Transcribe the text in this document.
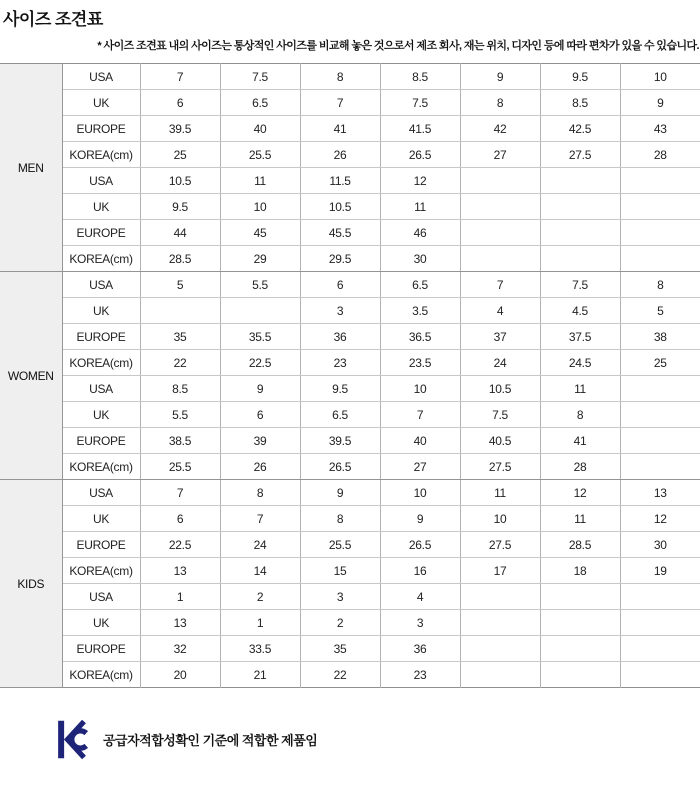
사이즈 조견표

* 사이즈 조견표 내의 사이즈는 통상적인 사이즈를 비교해 놓은 것으로서 제조 회사, 재는 위치, 디자인 등에 따라 편차가 있을 수 있습니다.

MEN	USA	7	7.5	8	8.5	9	9.5	10
	UK	6	6.5	7	7.5	8	8.5	9
	EUROPE	39.5	40	41	41.5	42	42.5	43
	KOREA(cm)	25	25.5	26	26.5	27	27.5	28
	USA	10.5	11	11.5	12			
	UK	9.5	10	10.5	11			
	EUROPE	44	45	45.5	46			
	KOREA(cm)	28.5	29	29.5	30			
WOMEN	USA	5	5.5	6	6.5	7	7.5	8
	UK			3	3.5	4	4.5	5
	EUROPE	35	35.5	36	36.5	37	37.5	38
	KOREA(cm)	22	22.5	23	23.5	24	24.5	25
	USA	8.5	9	9.5	10	10.5	11	
	UK	5.5	6	6.5	7	7.5	8	
	EUROPE	38.5	39	39.5	40	40.5	41	
	KOREA(cm)	25.5	26	26.5	27	27.5	28	
KIDS	USA	7	8	9	10	11	12	13
	UK	6	7	8	9	10	11	12
	EUROPE	22.5	24	25.5	26.5	27.5	28.5	30
	KOREA(cm)	13	14	15	16	17	18	19
	USA	1	2	3	4			
	UK	13	1	2	3			
	EUROPE	32	33.5	35	36			
	KOREA(cm)	20	21	22	23			
공급자적합성확인 기준에 적합한 제품임
